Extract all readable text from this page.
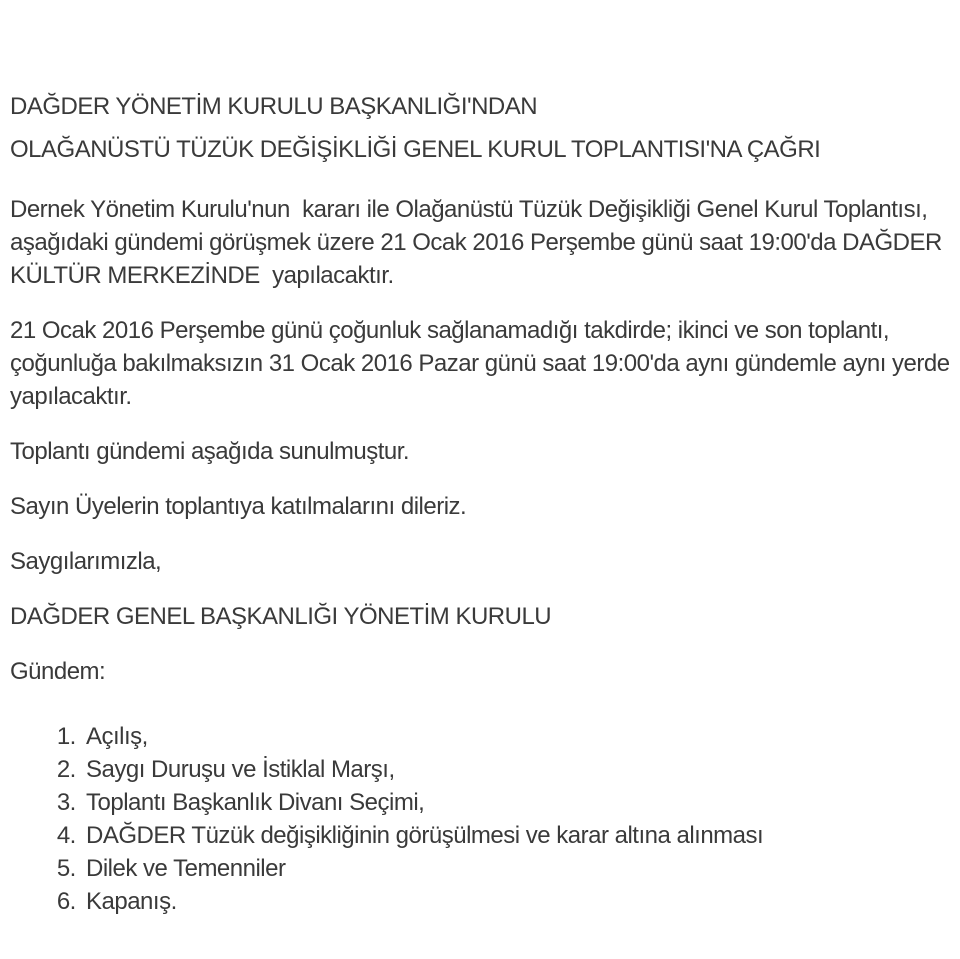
DAĞDER YÖNETİM KURULU BAŞKANLIĞI'NDAN

OLAĞANÜSTÜ TÜZÜK DEĞİŞİKLİĞİ GENEL KURUL TOPLANTISI'NA ÇAĞRI

Dernek Yönetim Kurulu'nun  kararı ile Olağanüstü Tüzük Değişikliği Genel Kurul Toplantısı, aşağıdaki gündemi görüşmek üzere 21 Ocak 2016 Perşembe günü saat 19:00'da DAĞDER KÜLTÜR MERKEZİNDE  yapılacaktır.

21 Ocak 2016 Perşembe günü çoğunluk sağlanamadığı takdirde; ikinci ve son toplantı, çoğunluğa bakılmaksızın 31 Ocak 2016 Pazar günü saat 19:00'da aynı gündemle aynı yerde yapılacaktır.

Toplantı gündemi aşağıda sunulmuştur.

Sayın Üyelerin toplantıya katılmalarını dileriz.

Saygılarımızla,

DAĞDER GENEL BAŞKANLIĞI YÖNETİM KURULU

Gündem:

1. Açılış,
2. Saygı Duruşu ve İstiklal Marşı,
3. Toplantı Başkanlık Divanı Seçimi,
4. DAĞDER Tüzük değişikliğinin görüşülmesi ve karar altına alınması
5. Dilek ve Temenniler
6. Kapanış.
